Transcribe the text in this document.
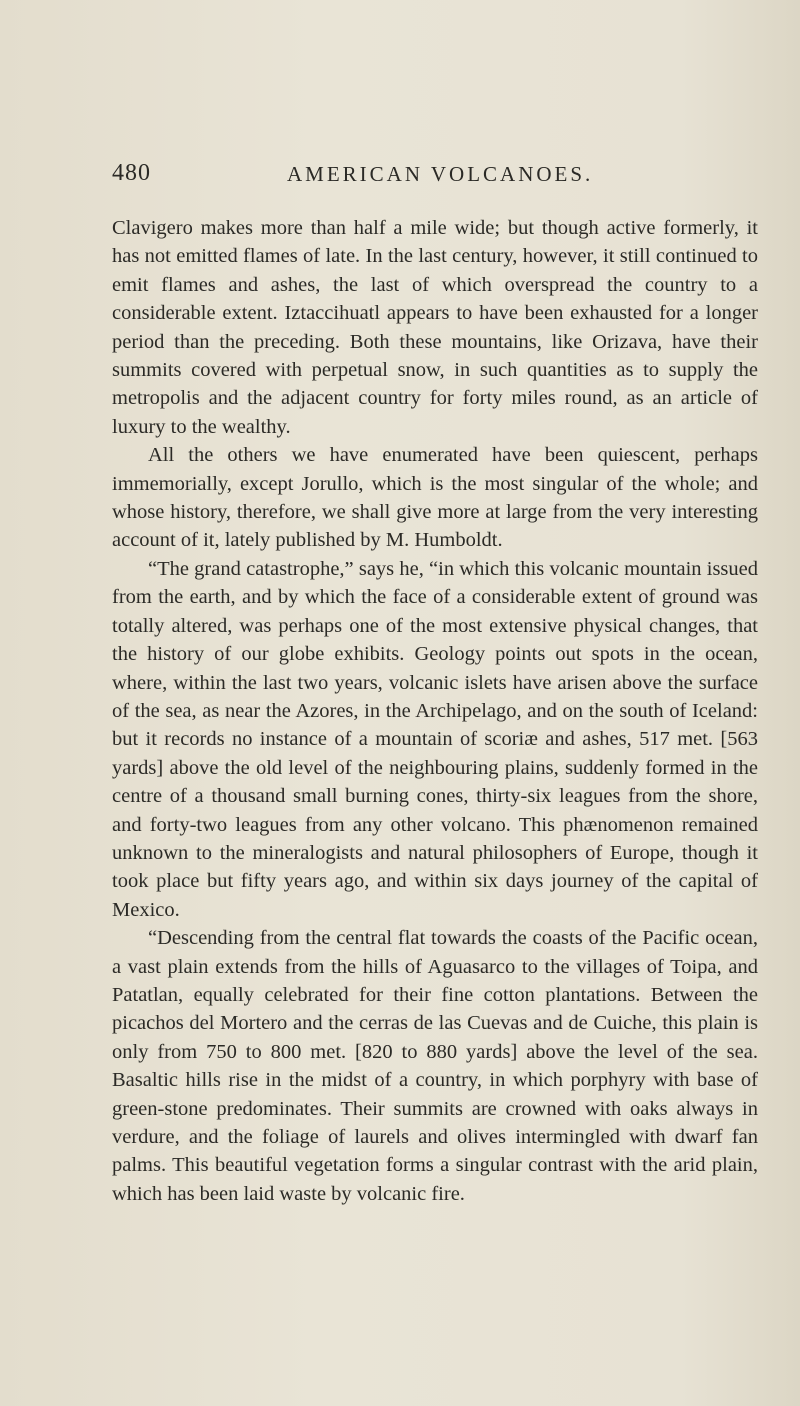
480	AMERICAN VOLCANOES.

Clavigero makes more than half a mile wide; but though active formerly, it has not emitted flames of late. In the last century, however, it still continued to emit flames and ashes, the last of which overspread the country to a considerable extent. Iztaccihuatl appears to have been exhausted for a longer period than the preceding. Both these mountains, like Orizava, have their summits covered with perpetual snow, in such quantities as to supply the metropolis and the adjacent country for forty miles round, as an article of luxury to the wealthy.

All the others we have enumerated have been quiescent, perhaps immemorially, except Jorullo, which is the most singular of the whole; and whose history, therefore, we shall give more at large from the very interesting account of it, lately published by M. Humboldt.

“The grand catastrophe,” says he, “in which this volcanic mountain issued from the earth, and by which the face of a considerable extent of ground was totally altered, was perhaps one of the most extensive physical changes, that the history of our globe exhibits. Geology points out spots in the ocean, where, within the last two years, volcanic islets have arisen above the surface of the sea, as near the Azores, in the Archipelago, and on the south of Iceland: but it records no instance of a mountain of scoriæ and ashes, 517 met. [563 yards] above the old level of the neighbouring plains, suddenly formed in the centre of a thousand small burning cones, thirty-six leagues from the shore, and forty-two leagues from any other volcano. This phænomenon remained unknown to the mineralogists and natural philosophers of Europe, though it took place but fifty years ago, and within six days journey of the capital of Mexico.

“Descending from the central flat towards the coasts of the Pacific ocean, a vast plain extends from the hills of Aguasarco to the villages of Toipa, and Patatlan, equally celebrated for their fine cotton plantations. Between the picachos del Mortero and the cerras de las Cuevas and de Cuiche, this plain is only from 750 to 800 met. [820 to 880 yards] above the level of the sea. Basaltic hills rise in the midst of a country, in which porphyry with base of green-stone predominates. Their summits are crowned with oaks always in verdure, and the foliage of laurels and olives intermingled with dwarf fan palms. This beautiful vegetation forms a singular contrast with the arid plain, which has been laid waste by volcanic fire.
